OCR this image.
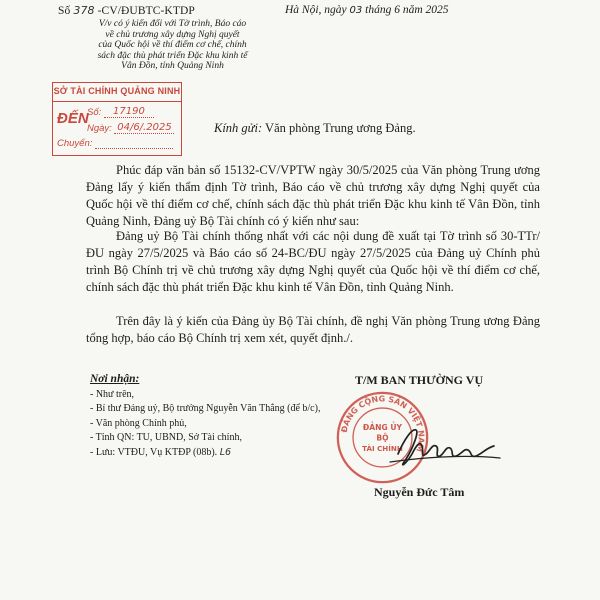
Số 378 -CV/ĐUBTC-KTDP	Hà Nội, ngày 03 tháng 6 năm 2025
V/v có ý kiến đối với Tờ trình, Báo cáo
về chủ trương xây dựng Nghị quyết
của Quốc hội về thí điểm cơ chế, chính
sách đặc thù phát triển Đặc khu kinh tế
Vân Đồn, tỉnh Quảng Ninh
SỞ TÀI CHÍNH QUẢNG NINH
ĐẾN
Số: 17190
Ngày: 04/6/.2025
Chuyển:
Kính gửi: Văn phòng Trung ương Đảng.
Phúc đáp văn bản số 15132-CV/VPTW ngày 30/5/2025 của Văn phòng Trung ương Đảng lấy ý kiến thẩm định Tờ trình, Báo cáo về chủ trương xây dựng Nghị quyết của Quốc hội về thí điểm cơ chế, chính sách đặc thù phát triển Đặc khu kinh tế Vân Đồn, tỉnh Quảng Ninh, Đảng uỷ Bộ Tài chính có ý kiến như sau:
Đảng uỷ Bộ Tài chính thống nhất với các nội dung đề xuất tại Tờ trình số 30-TTr/ĐU ngày 27/5/2025 và Báo cáo số 24-BC/ĐU ngày 27/5/2025 của Đảng uỷ Chính phủ trình Bộ Chính trị về chủ trương xây dựng Nghị quyết của Quốc hội về thí điểm cơ chế, chính sách đặc thù phát triển Đặc khu kinh tế Vân Đồn, tỉnh Quảng Ninh.
Trên đây là ý kiến của Đảng ủy Bộ Tài chính, đề nghị Văn phòng Trung ương Đảng tổng hợp, báo cáo Bộ Chính trị xem xét, quyết định./.
Nơi nhận:
- Như trên,
- Bí thư Đảng uỷ, Bộ trưởng Nguyễn Văn Thắng (để b/c),
- Văn phòng Chính phủ,
- Tỉnh QN: TU, UBND, Sở Tài chính,
- Lưu: VTĐU, Vụ KTĐP (08b). L6
T/M BAN THƯỜNG VỤ
ĐẢNG CỘNG SẢN VIỆT NAM
ĐẢNG ỦY
BỘ
TÀI CHÍNH
Nguyễn Đức Tâm
